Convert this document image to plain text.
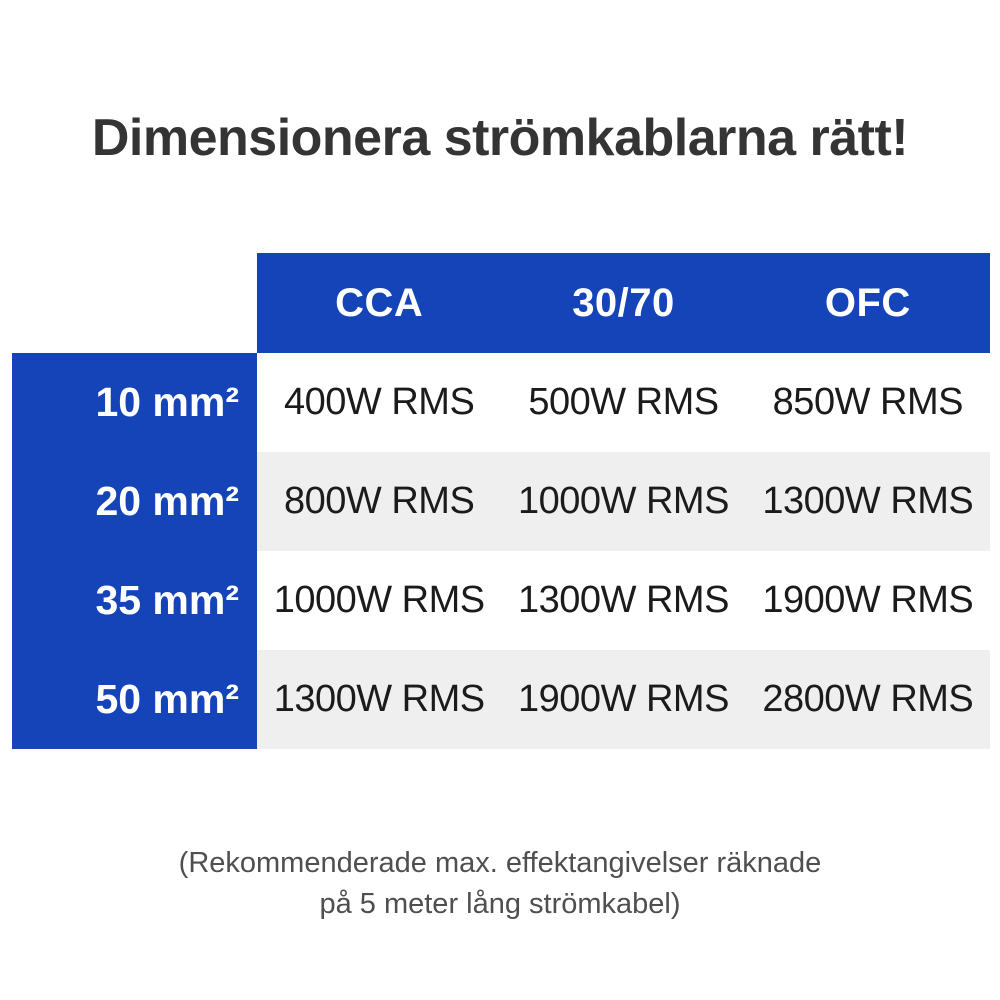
Dimensionera strömkablarna rätt!
CCA	30/70	OFC
10 mm²	400W RMS	500W RMS	850W RMS
20 mm²	800W RMS	1000W RMS 1300W RMS
35 mm² 1000W RMS 1300W RMS 1900W RMS
50 mm² 1300W RMS 1900W RMS 2800W RMS

(Rekommenderade max. effektangivelser räknade
på 5 meter lång strömkabel)
